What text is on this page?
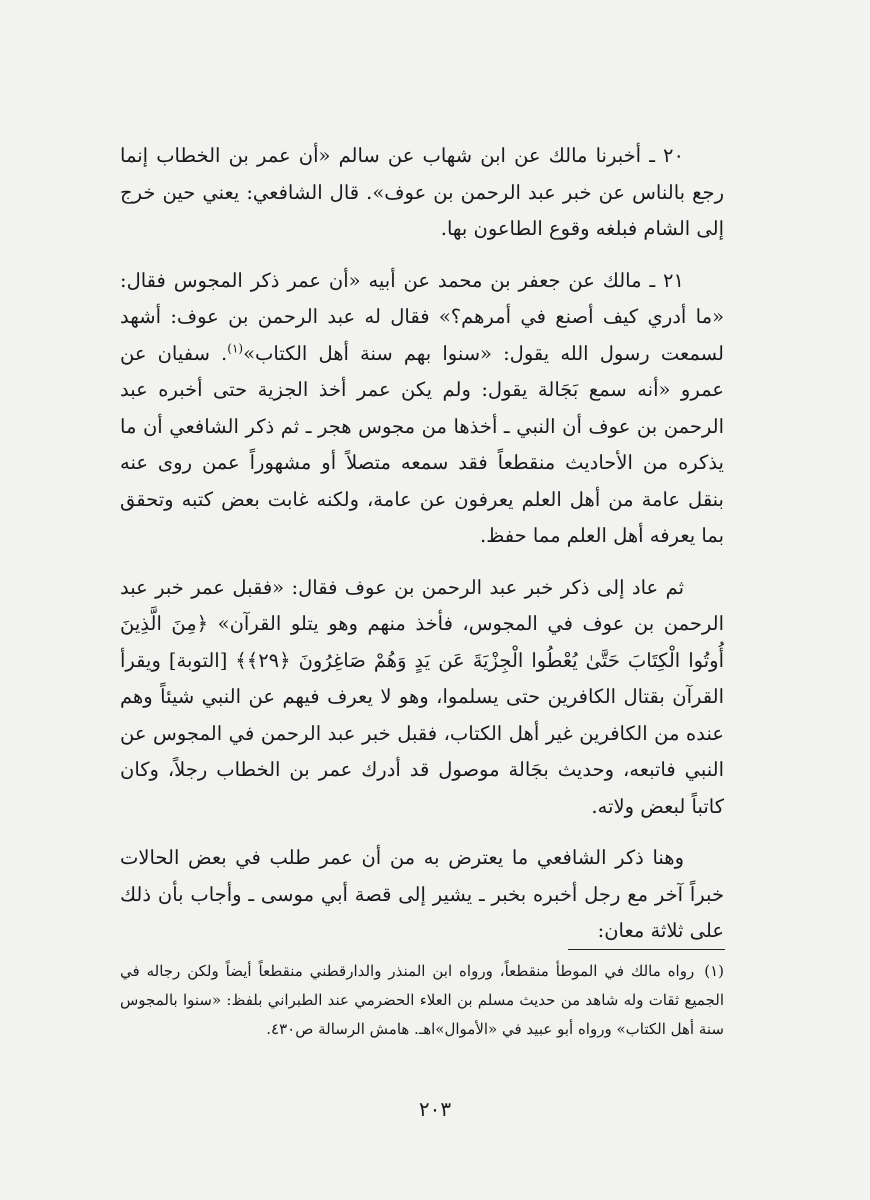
٢٠ ـ أخبرنا مالك عن ابن شهاب عن سالم «أن عمر بن الخطاب إنما رجع بالناس عن خبر عبد الرحمن بن عوف». قال الشافعي: يعني حين خرج إلى الشام فبلغه وقوع الطاعون بها.

٢١ ـ مالك عن جعفر بن محمد عن أبيه «أن عمر ذكر المجوس فقال: «ما أدري كيف أصنع في أمرهم؟» فقال له عبد الرحمن بن عوف: أشهد لسمعت رسول الله يقول: «سنوا بهم سنة أهل الكتاب»$^{(١)}$. سفيان عن عمرو «أنه سمع بَجَالة يقول: ولم يكن عمر أخذ الجزية حتى أخبره عبد الرحمن بن عوف أن النبي ـ أخذها من مجوس هجر ـ ثم ذكر الشافعي أن ما يذكره من الأحاديث منقطعاً فقد سمعه متصلاً أو مشهوراً عمن روى عنه بنقل عامة من أهل العلم يعرفون عن عامة، ولكنه غابت بعض كتبه وتحقق بما يعرفه أهل العلم مما حفظ.

ثم عاد إلى ذكر خبر عبد الرحمن بن عوف فقال: «فقبل عمر خبر عبد الرحمن بن عوف في المجوس، فأخذ منهم وهو يتلو القرآن» ﴿مِنَ الَّذِينَ أُوتُوا الْكِتَابَ حَتَّىٰ يُعْطُوا الْجِزْيَةَ عَن يَدٍ وَهُمْ صَاغِرُونَ ﴿٢٩﴾﴾ [التوبة] ويقرأ القرآن بقتال الكافرين حتى يسلموا، وهو لا يعرف فيهم عن النبي شيئاً وهم عنده من الكافرين غير أهل الكتاب، فقبل خبر عبد الرحمن في المجوس عن النبي فاتبعه، وحديث بجَالة موصول قد أدرك عمر بن الخطاب رجلاً، وكان كاتباً لبعض ولاته.

وهنا ذكر الشافعي ما يعترض به من أن عمر طلب في بعض الحالات خبراً آخر مع رجل أخبره بخبر ـ يشير إلى قصة أبي موسى ـ وأجاب بأن ذلك على ثلاثة معان:

(١)رواه مالك في الموطأ منقطعاً، ورواه ابن المنذر والدارقطني منقطعاً أيضاً ولكن رجاله في الجميع ثقات وله شاهد من حديث مسلم بن العلاء الحضرمي عند الطبراني بلفظ: «سنوا بالمجوس سنة أهل الكتاب» ورواه أبو عبيد في «الأموال»اهـ. هامش الرسالة ص٤٣٠.
٢٠٣
